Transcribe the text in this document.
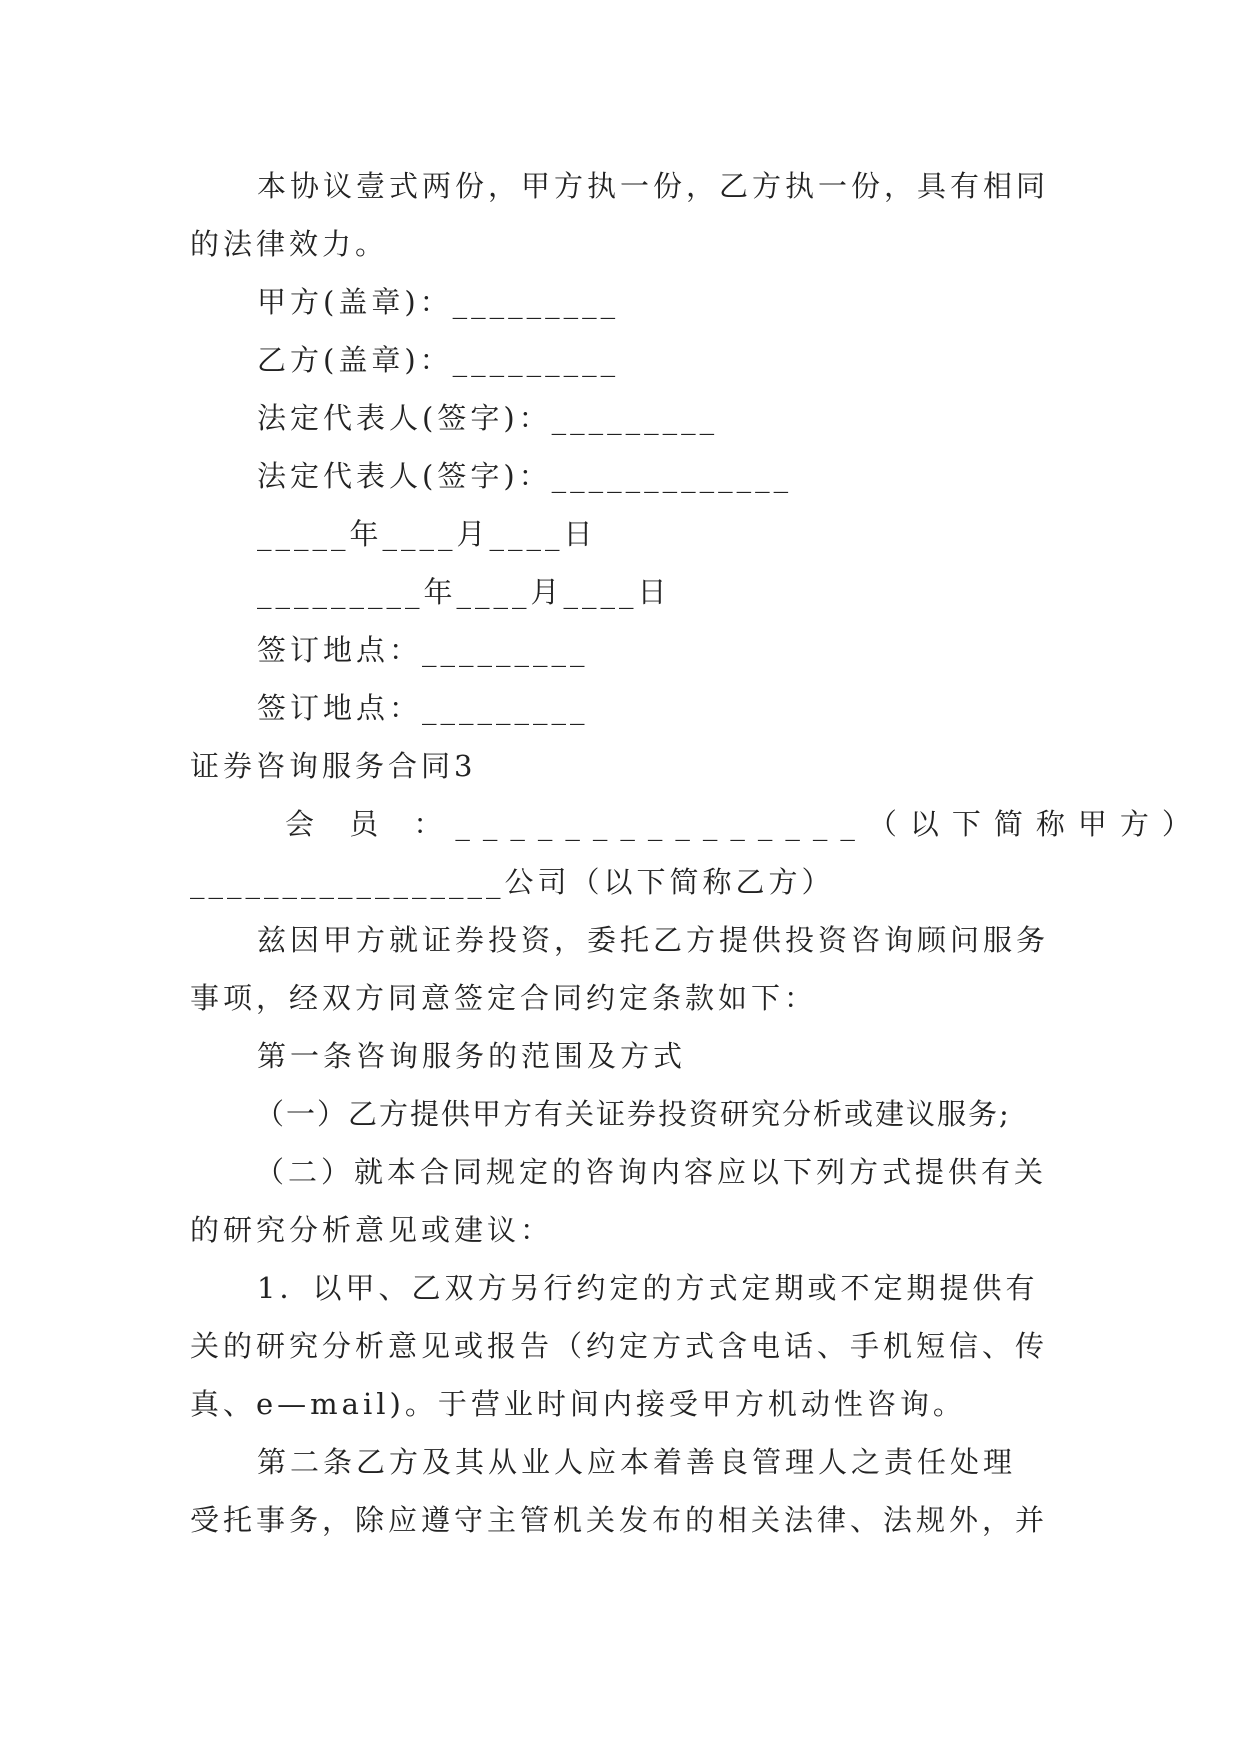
本协议壹式两份，甲方执一份，乙方执一份，具有相同
的法律效力。
甲方(盖章)：_________
乙方(盖章)：_________
法定代表人(签字)：_________
法定代表人(签字)：_____________
_____年____月____日
_________年____月____日
签订地点：_________
签订地点：_________
证券咨询服务合同3
会 员 ：_______________（以下简称甲方）
_________________公司（以下简称乙方）
兹因甲方就证券投资，委托乙方提供投资咨询顾问服务
事项，经双方同意签定合同约定条款如下：
第一条咨询服务的范围及方式
（一）乙方提供甲方有关证券投资研究分析或建议服务;
（二）就本合同规定的咨询内容应以下列方式提供有关
的研究分析意见或建议：
1．以甲、乙双方另行约定的方式定期或不定期提供有
关的研究分析意见或报告（约定方式含电话、手机短信、传
真、e—mail)。于营业时间内接受甲方机动性咨询。
第二条乙方及其从业人应本着善良管理人之责任处理
受托事务，除应遵守主管机关发布的相关法律、法规外，并
